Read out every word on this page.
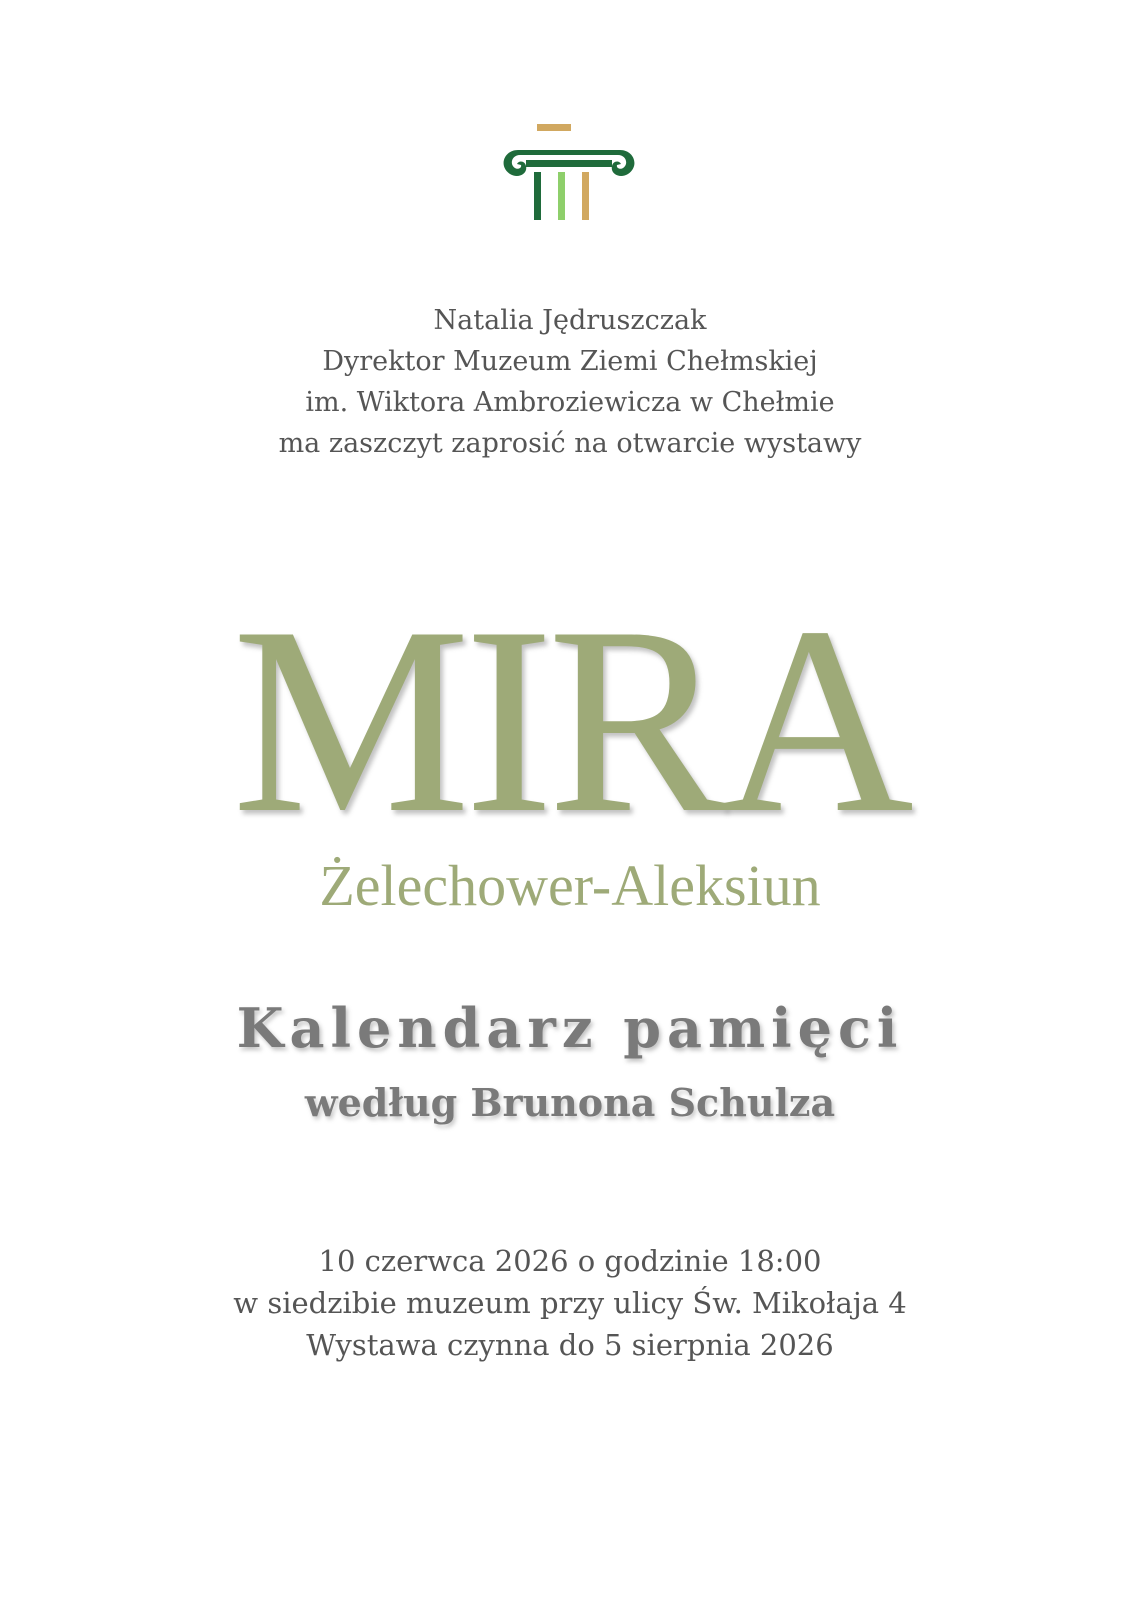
Natalia Jędruszczak
Dyrektor Muzeum Ziemi Chełmskiej
im. Wiktora Ambroziewicza w Chełmie
ma zaszczyt zaprosić na otwarcie wystawy
MIRA
Żelechower-Aleksiun
Kalendarz pamięci
według Brunona Schulza
10 czerwca 2026 o godzinie 18:00
w siedzibie muzeum przy ulicy Św. Mikołaja 4
Wystawa czynna do 5 sierpnia 2026
